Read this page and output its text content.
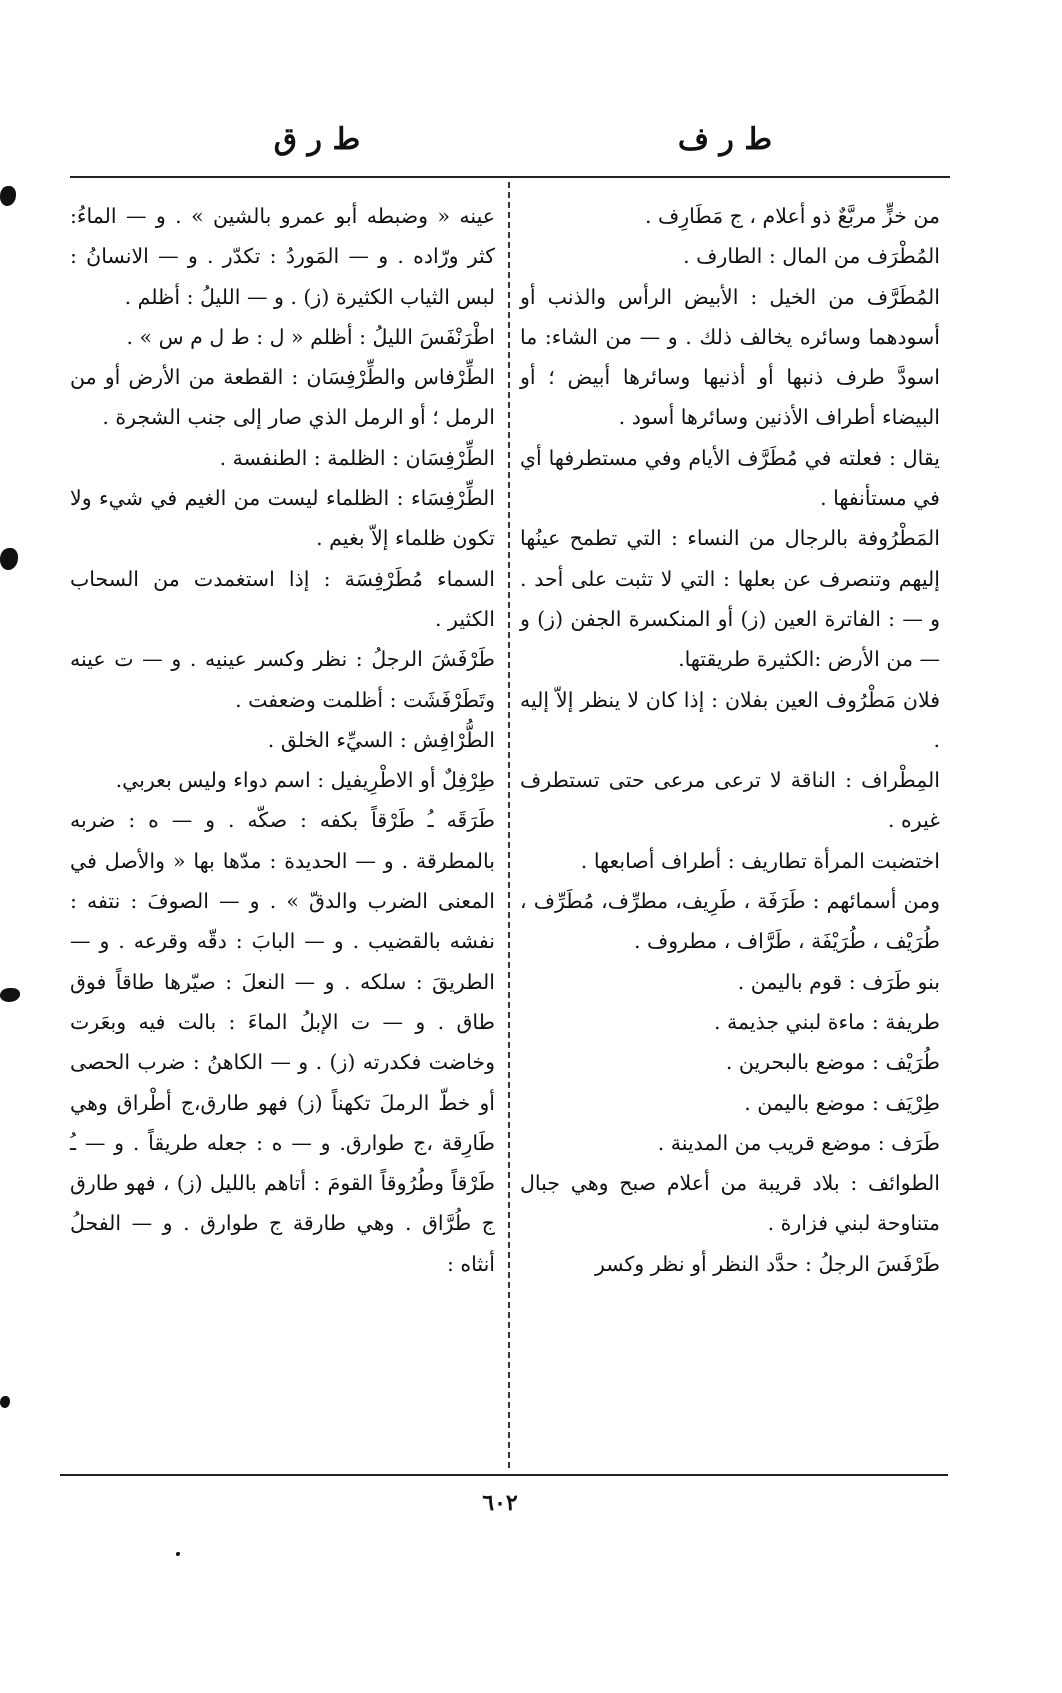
ط ر ف
ط ر ق

من خزٍّ مربَّعٌ ذو أعلام ، ج مَطَارِف .

المُطْرَف من المال : الطارف .

المُطَرَّف من الخيل : الأبيض الرأس والذنب أو أسودهما وسائره يخالف ذلك . و — من الشاء: ما اسودَّ طرف ذنبها أو أذنيها وسائرها أبيض ؛ أو البيضاء أطراف الأذنين وسائرها أسود .

يقال : فعلته في مُطَرَّف الأيام وفي مستطرفها أي في مستأنفها .

المَطْرُوفة بالرجال من النساء : التي تطمح عينُها إليهم وتنصرف عن بعلها : التي لا تثبت على أحد . و — : الفاترة العين (ز) أو المنكسرة الجفن (ز) و— من الأرض :الكثيرة طريقتها.

فلان مَطْرُوف العين بفلان : إذا كان لا ينظر إلاّ إليه .

المِطْراف : الناقة لا ترعى مرعى حتى تستطرف غيره .

اختضبت المرأة تطاريف : أطراف أصابعها .

ومن أسمائهم : طَرَفَة ، طَرِيف، مطرِّف، مُطَرِّف ، طُرَيْف ، طُرَيْفَة ، طَرَّاف ، مطروف .

بنو طَرَف : قوم باليمن .

طريفة : ماءة لبني جذيمة .

طُرَيْف : موضع بالبحرين .

طِرْيَف : موضع باليمن .

طَرَف : موضع قريب من المدينة .

الطوائف : بلاد قريبة من أعلام صبح وهي جبال متناوحة لبني فزارة .

طَرْفَسَ الرجلُ : حدَّد النظر أو نظر وكسر

عينه « وضبطه أبو عمرو بالشين » . و — الماءُ: كثر ورّاده . و — المَوردُ : تكدّر . و — الانسانُ : لبس الثياب الكثيرة (ز) . و — الليلُ : أظلم .

اطْرَنْفَسَ الليلُ : أظلم « ل : ط ل م س » .

الطِّرْفاس والطِّرْفِسَان : القطعة من الأرض أو من الرمل ؛ أو الرمل الذي صار إلى جنب الشجرة .

الطِّرْفِسَان : الظلمة : الطنفسة .

الطِّرْفِسَاء : الظلماء ليست من الغيم في شيء ولا تكون ظلماء إلاّ بغيم .

السماء مُطَرْفِسَة : إذا استغمدت من السحاب الكثير .

طَرْفَشَ الرجلُ : نظر وكسر عينيه . و — ت عينه وتَطَرْفَشَت : أظلمت وضعفت .

الطُّرْافِش : السيِّء الخلق .

طِرْفِلٌ أو الاطْرِيفيل : اسم دواء وليس بعربي.

طَرَقَه ـُ طَرْقاً بكفه : صكّه . و — ه : ضربه بالمطرقة . و — الحديدة : مدّها بها « والأصل في المعنى الضرب والدقّ » . و — الصوفَ : نتفه : نفشه بالقضيب . و — البابَ : دقّه وقرعه . و — الطريقَ : سلكه . و — النعلَ : صيّرها طاقاً فوق طاق . و — ت الإبلُ الماءَ : بالت فيه وبعَرت وخاضت فكدرته (ز) . و — الكاهنُ : ضرب الحصى أو خطّ الرملَ تكهناً (ز) فهو طارق،ج أطْراق وهي طَارِقة ،ج طوارق. و — ه : جعله طريقاً . و — ـُ طَرْقاً وطُرُوقاً القومَ : أتاهم بالليل (ز) ، فهو طارق ج طُرَّاق . وهي طارقة ج طوارق . و — الفحلُ أنثاه :

٦٠٢
